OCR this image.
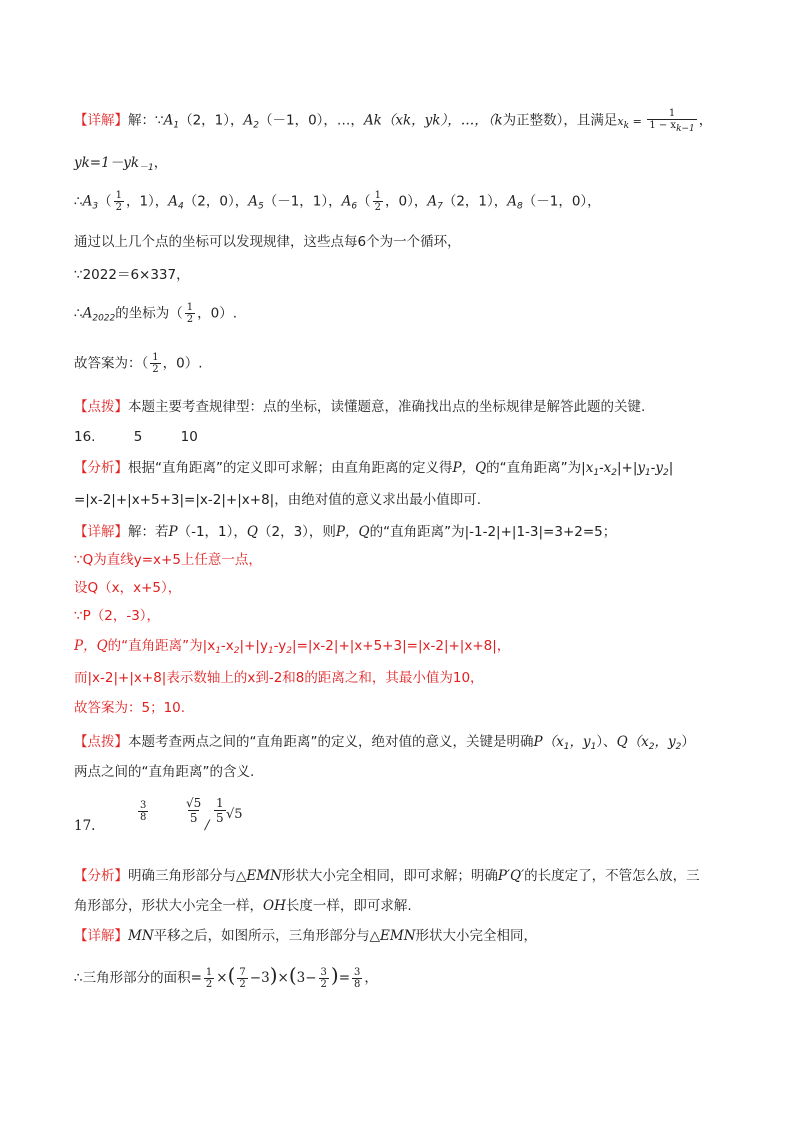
【详解】解：$\because A_1(2$，1），$A_2(-1$，0），…，Ak（xk，yk），…，（k为正整数），且满足$x_k = \frac{1}{1 - xk-1}$ ，
$yk=1-yk_{-1}$，
$\therefore A_3( \frac{1}{2}$ ，1），$A_4(2$，0），$A_5(-1$，1），$A_6( \frac{1}{2}$ ，0），$A_7(2$，1），$A_8(-1$，0），
通过以上几个点的坐标可以发现规律，这些点每6个为一个循环，
∵2022＝6×337，
$\therefore A_{2022}$的坐标为（ $\frac{1}{2}$ ，0）.
故答案为：（ $\frac{1}{2}$ ，0）.
【点拨】本题主要考查规律型：点的坐标，读懂题意，准确找出点的坐标规律是解答此题的关键.
16.	5	10
【分析】根据“直角距离”的定义即可求解；由直角距离的定义得P，Q的“直角距离”为$|x_1-x_2|+|y_1-y_2|$
=|x-2|+|x+5+3|=|x-2|+|x+8|，由绝对值的意义求出最小值即可.
【详解】解：若P（-1，1），Q（2，3），则P，Q的“直角距离”为|-1-2|+|1-3|=3+2=5；
∵Q为直线y=x+5上任意一点，
设Q（x，x+5），
∵P（2，-3），
P，Q的“直角距离”为$|x_1-x_2|+|y_1-y_2|=|x-2|+|x+5+3|=|x-2|+|x+8|$，
而|x-2|+|x+8|表示数轴上的x到-2和8的距离之和，其最小值为10，
故答案为：5；10.
【点拨】本题考查两点之间的“直角距离”的定义，绝对值的意义，关键是明确$P(x_1$，$y_1$）、$Q(x_2$，$y_2$）
两点之间的“直角距离”的含义.
17.
$\frac{3}{8}$	$\frac{√5}{5} \frac{1}{5}$
/
√5
【分析】明确三角形部分与△EMN形状大小完全相同，即可求解；明确P′Q′的长度定了，不管怎么放，三
角形部分，形状大小完全一样，OH长度一样，即可求解.
【详解】MN平移之后，如图所示，三角形部分与△EMN形状大小完全相同，
∴三角形部分的面积= $\frac{1}{2}$ ×( $\frac{7}{2} -3)\times(3- \frac{3}{2}$ )= $\frac{3}{8}$ ，
